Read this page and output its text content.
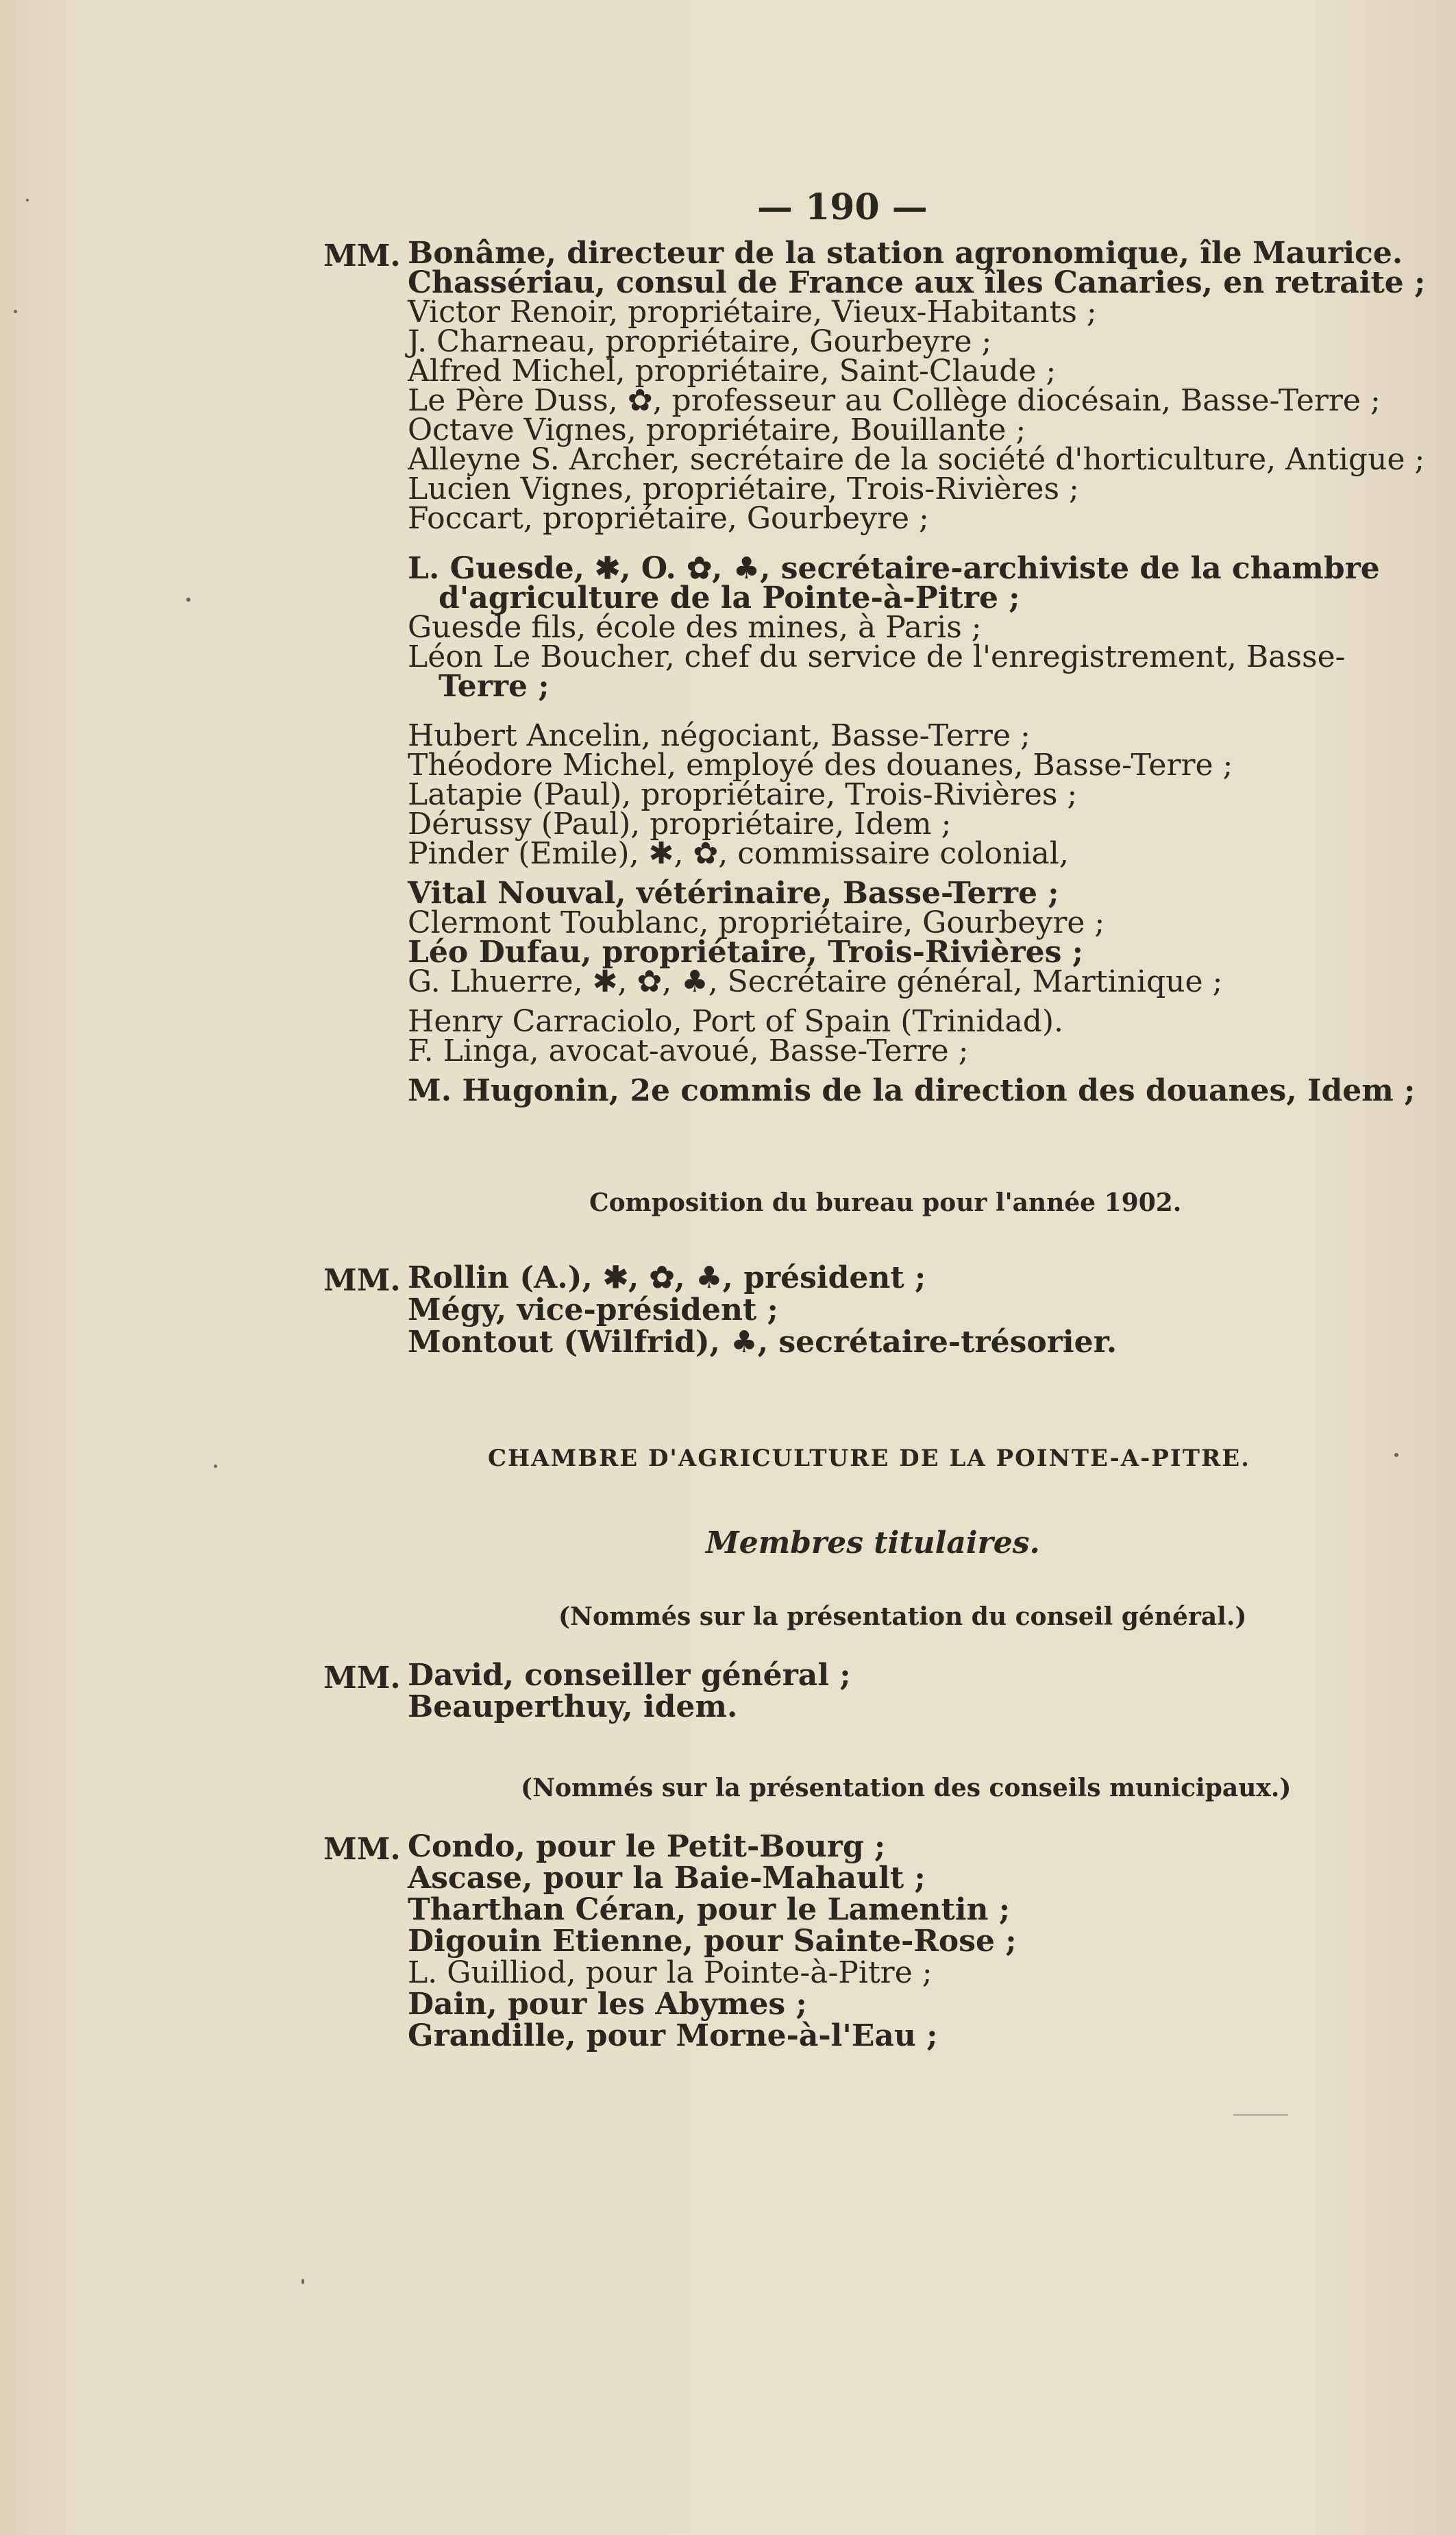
— 190 —
MM. Bonâme, directeur de la station agronomique, île Maurice.
Chassériau, consul de France aux îles Canaries, en retraite ;
Victor Renoir, propriétaire, Vieux-Habitants ;
J. Charneau, propriétaire, Gourbeyre ;
Alfred Michel, propriétaire, Saint-Claude ;
Le Père Duss, ✿, professeur au Collège diocésain, Basse-Terre ;
Octave Vignes, propriétaire, Bouillante ;
Alleyne S. Archer, secrétaire de la société d'horticulture, Antigue ;
Lucien Vignes, propriétaire, Trois-Rivières ;
Foccart, propriétaire, Gourbeyre ;
L. Guesde, ✱, O. ✿, ♣, secrétaire-archiviste de la chambre
d'agriculture de la Pointe-à-Pitre ;
Guesde fils, école des mines, à Paris ;
Léon Le Boucher, chef du service de l'enregistrement, Basse-
Terre ;
Hubert Ancelin, négociant, Basse-Terre ;
Théodore Michel, employé des douanes, Basse-Terre ;
Latapie (Paul), propriétaire, Trois-Rivières ;
Dérussy (Paul), propriétaire, Idem ;
Pinder (Emile), ✱, ✿, commissaire colonial,
Vital Nouval, vétérinaire, Basse-Terre ;
Clermont Toublanc, propriétaire, Gourbeyre ;
Léo Dufau, propriétaire, Trois-Rivières ;
G. Lhuerre, ✱, ✿, ♣, Secrétaire général, Martinique ;
Henry Carraciolo, Port of Spain (Trinidad).
F. Linga, avocat-avoué, Basse-Terre ;
M. Hugonin, 2e commis de la direction des douanes, Idem ;
Composition du bureau pour l'année 1902.
MM. Rollin (A.), ✱, ✿, ♣, président ;
Mégy, vice-président ;
Montout (Wilfrid), ♣, secrétaire-trésorier.
CHAMBRE D'AGRICULTURE DE LA POINTE-A-PITRE.
Membres titulaires.
(Nommés sur la présentation du conseil général.)
MM. David, conseiller général ;
Beauperthuy, idem.
(Nommés sur la présentation des conseils municipaux.)
MM. Condo, pour le Petit-Bourg ;
Ascase, pour la Baie-Mahault ;
Tharthan Céran, pour le Lamentin ;
Digouin Etienne, pour Sainte-Rose ;
L. Guilliod, pour la Pointe-à-Pitre ;
Dain, pour les Abymes ;
Grandille, pour Morne-à-l'Eau ;
